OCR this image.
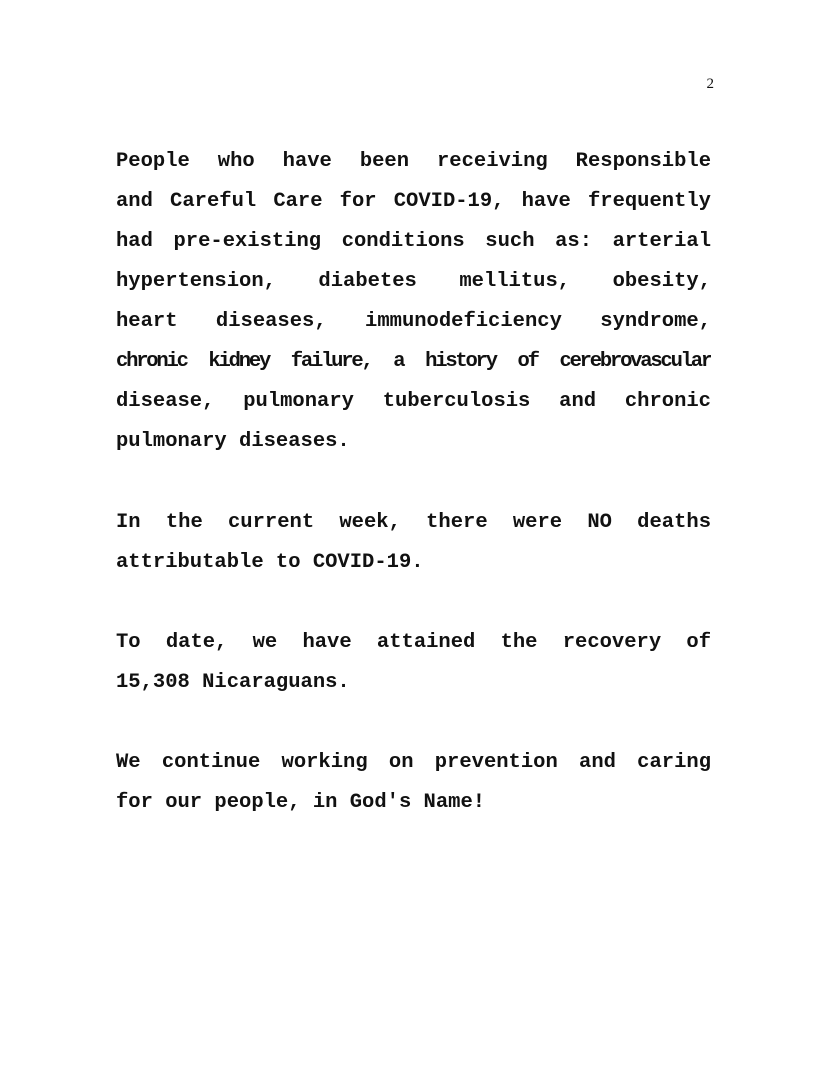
2
People who have been receiving Responsible
and Careful Care for COVID-19, have frequently
had pre-existing conditions such as: arterial
hypertension, diabetes mellitus, obesity,
heart diseases, immunodeficiency syndrome,
chronic kidney failure, a history of cerebrovascular
disease, pulmonary tuberculosis and chronic
pulmonary diseases.
In the current week, there were NO deaths
attributable to COVID-19.
To date, we have attained the recovery of
15,308 Nicaraguans.
We continue working on prevention and caring
for our people, in God's Name!
